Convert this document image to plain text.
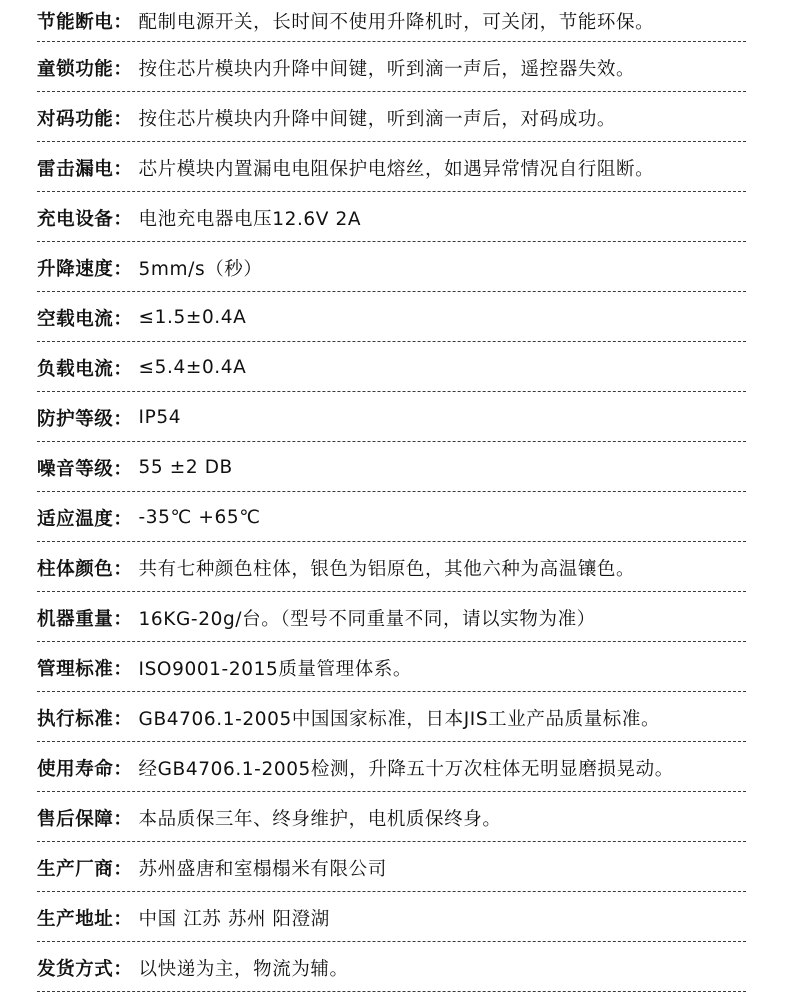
节能断电 ： 配制电源开关，长时间不使用升降机时，可关闭，节能环保。
童锁功能 ： 按住芯片模块内升降中间键，听到滴一声后，遥控器失效。
对码功能 ： 按住芯片模块内升降中间键，听到滴一声后，对码成功。
雷击漏电 ： 芯片模块内置漏电电阻保护电熔丝，如遇异常情况自行阻断。
充电设备 ： 电池充电器电压12.6V 2A
升降速度 ： 5mm/s（秒）
空载电流 ： ≤1.5±0.4A
负载电流 ： ≤5.4±0.4A
防护等级 ： IP54
噪音等级 ： 55 ±2 DB
适应温度 ： -35℃ +65℃
柱体颜色 ： 共有七种颜色柱体，银色为铝原色，其他六种为高温镶色。
机器重量 ： 16KG-20g/台。（型号不同重量不同，请以实物为准）
管理标准 ： ISO9001-2015质量管理体系。
执行标准 ： GB4706.1-2005中国国家标准，日本JIS工业产品质量标准。
使用寿命 ： 经GB4706.1-2005检测，升降五十万次柱体无明显磨损晃动。
售后保障 ： 本品质保三年、终身维护，电机质保终身。
生产厂商 ： 苏州盛唐和室榻榻米有限公司
生产地址 ： 中国 江苏 苏州 阳澄湖
发货方式 ： 以快递为主，物流为辅。
